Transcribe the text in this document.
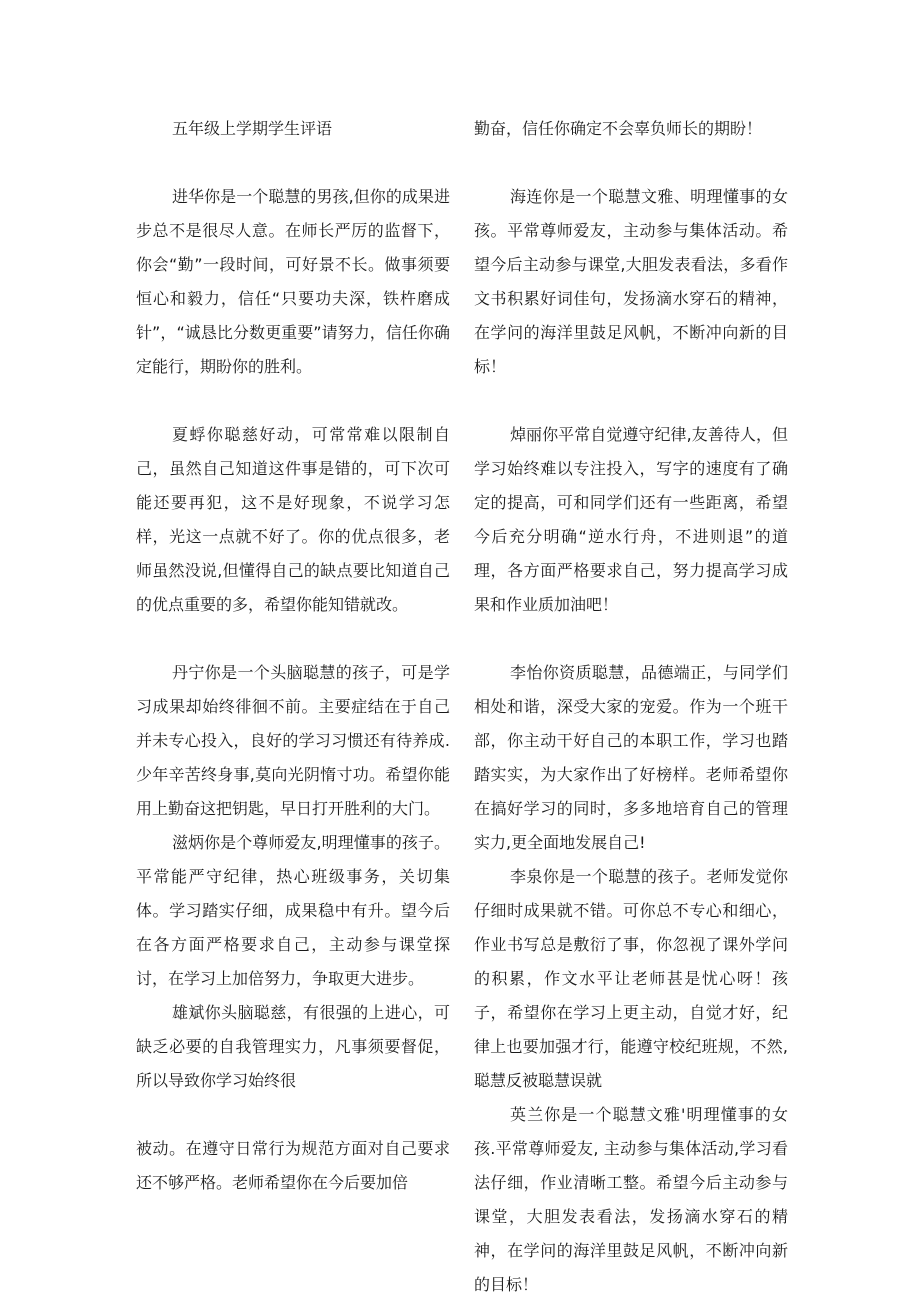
五年级上学期学生评语

进华你是一个聪慧的男孩,但你的成果进步总不是很尽人意。在师长严厉的监督下，你会“勤”一段时间，可好景不长。做事须要恒心和毅力，信任“只要功夫深，铁杵磨成针”，“诚恳比分数更重要”请努力，信任你确定能行，期盼你的胜利。

夏蜉你聪慈好动，可常常难以限制自己，虽然自己知道这件事是错的，可下次可能还要再犯，这不是好现象，不说学习怎样，光这一点就不好了。你的优点很多，老师虽然没说,但懂得自己的缺点要比知道自己的优点重要的多，希望你能知错就改。

丹宁你是一个头脑聪慧的孩子，可是学习成果却始终徘徊不前。主要症结在于自己并未专心投入，良好的学习习惯还有待养成.少年辛苦终身事,莫向光阴惰寸功。希望你能用上勤奋这把钥匙，早日打开胜利的大门。

滋炳你是个尊师爱友,明理懂事的孩子。平常能严守纪律，热心班级事务，关切集体。学习踏实仔细，成果稳中有升。望今后在各方面严格要求自己，主动参与课堂探讨，在学习上加倍努力，争取更大进步。

雄斌你头脑聪慈，有很强的上进心，可缺乏必要的自我管理实力，凡事须要督促，所以导致你学习始终很

被动。在遵守日常行为规范方面对自己要求还不够严格。老师希望你在今后要加倍

勤奋，信任你确定不会辜负师长的期盼！

海连你是一个聪慧文雅、明理懂事的女孩。平常尊师爱友，主动参与集体活动。希望今后主动参与课堂,大胆发表看法，多看作文书积累好词佳句，发扬滴水穿石的精神，在学问的海洋里鼓足风帆，不断冲向新的目标！

焯丽你平常自觉遵守纪律,友善待人，但学习始终难以专注投入，写字的速度有了确定的提高，可和同学们还有一些距离，希望今后充分明确“逆水行舟，不进则退”的道理，各方面严格要求自己，努力提高学习成果和作业质加油吧！

李怡你资质聪慧，品德端正，与同学们相处和谐，深受大家的宠爱。作为一个班干部，你主动干好自己的本职工作，学习也踏踏实实，为大家作出了好榜样。老师希望你在搞好学习的同时，多多地培育自己的管理实力,更全面地发展自己!

李泉你是一个聪慧的孩子。老师发觉你仔细时成果就不错。可你总不专心和细心，作业书写总是敷衍了事，你忽视了课外学问的积累，作文水平让老师甚是忧心呀！孩子，希望你在学习上更主动，自觉才好，纪律上也要加强才行，能遵守校纪班规，不然,聪慧反被聪慧误就

英兰你是一个聪慧文雅'明理懂事的女孩.平常尊师爱友, 主动参与集体活动,学习看法仔细，作业清晰工整。希望今后主动参与课堂，大胆发表看法，发扬滴水穿石的精神，在学问的海洋里鼓足风帆，不断冲向新的目标！
